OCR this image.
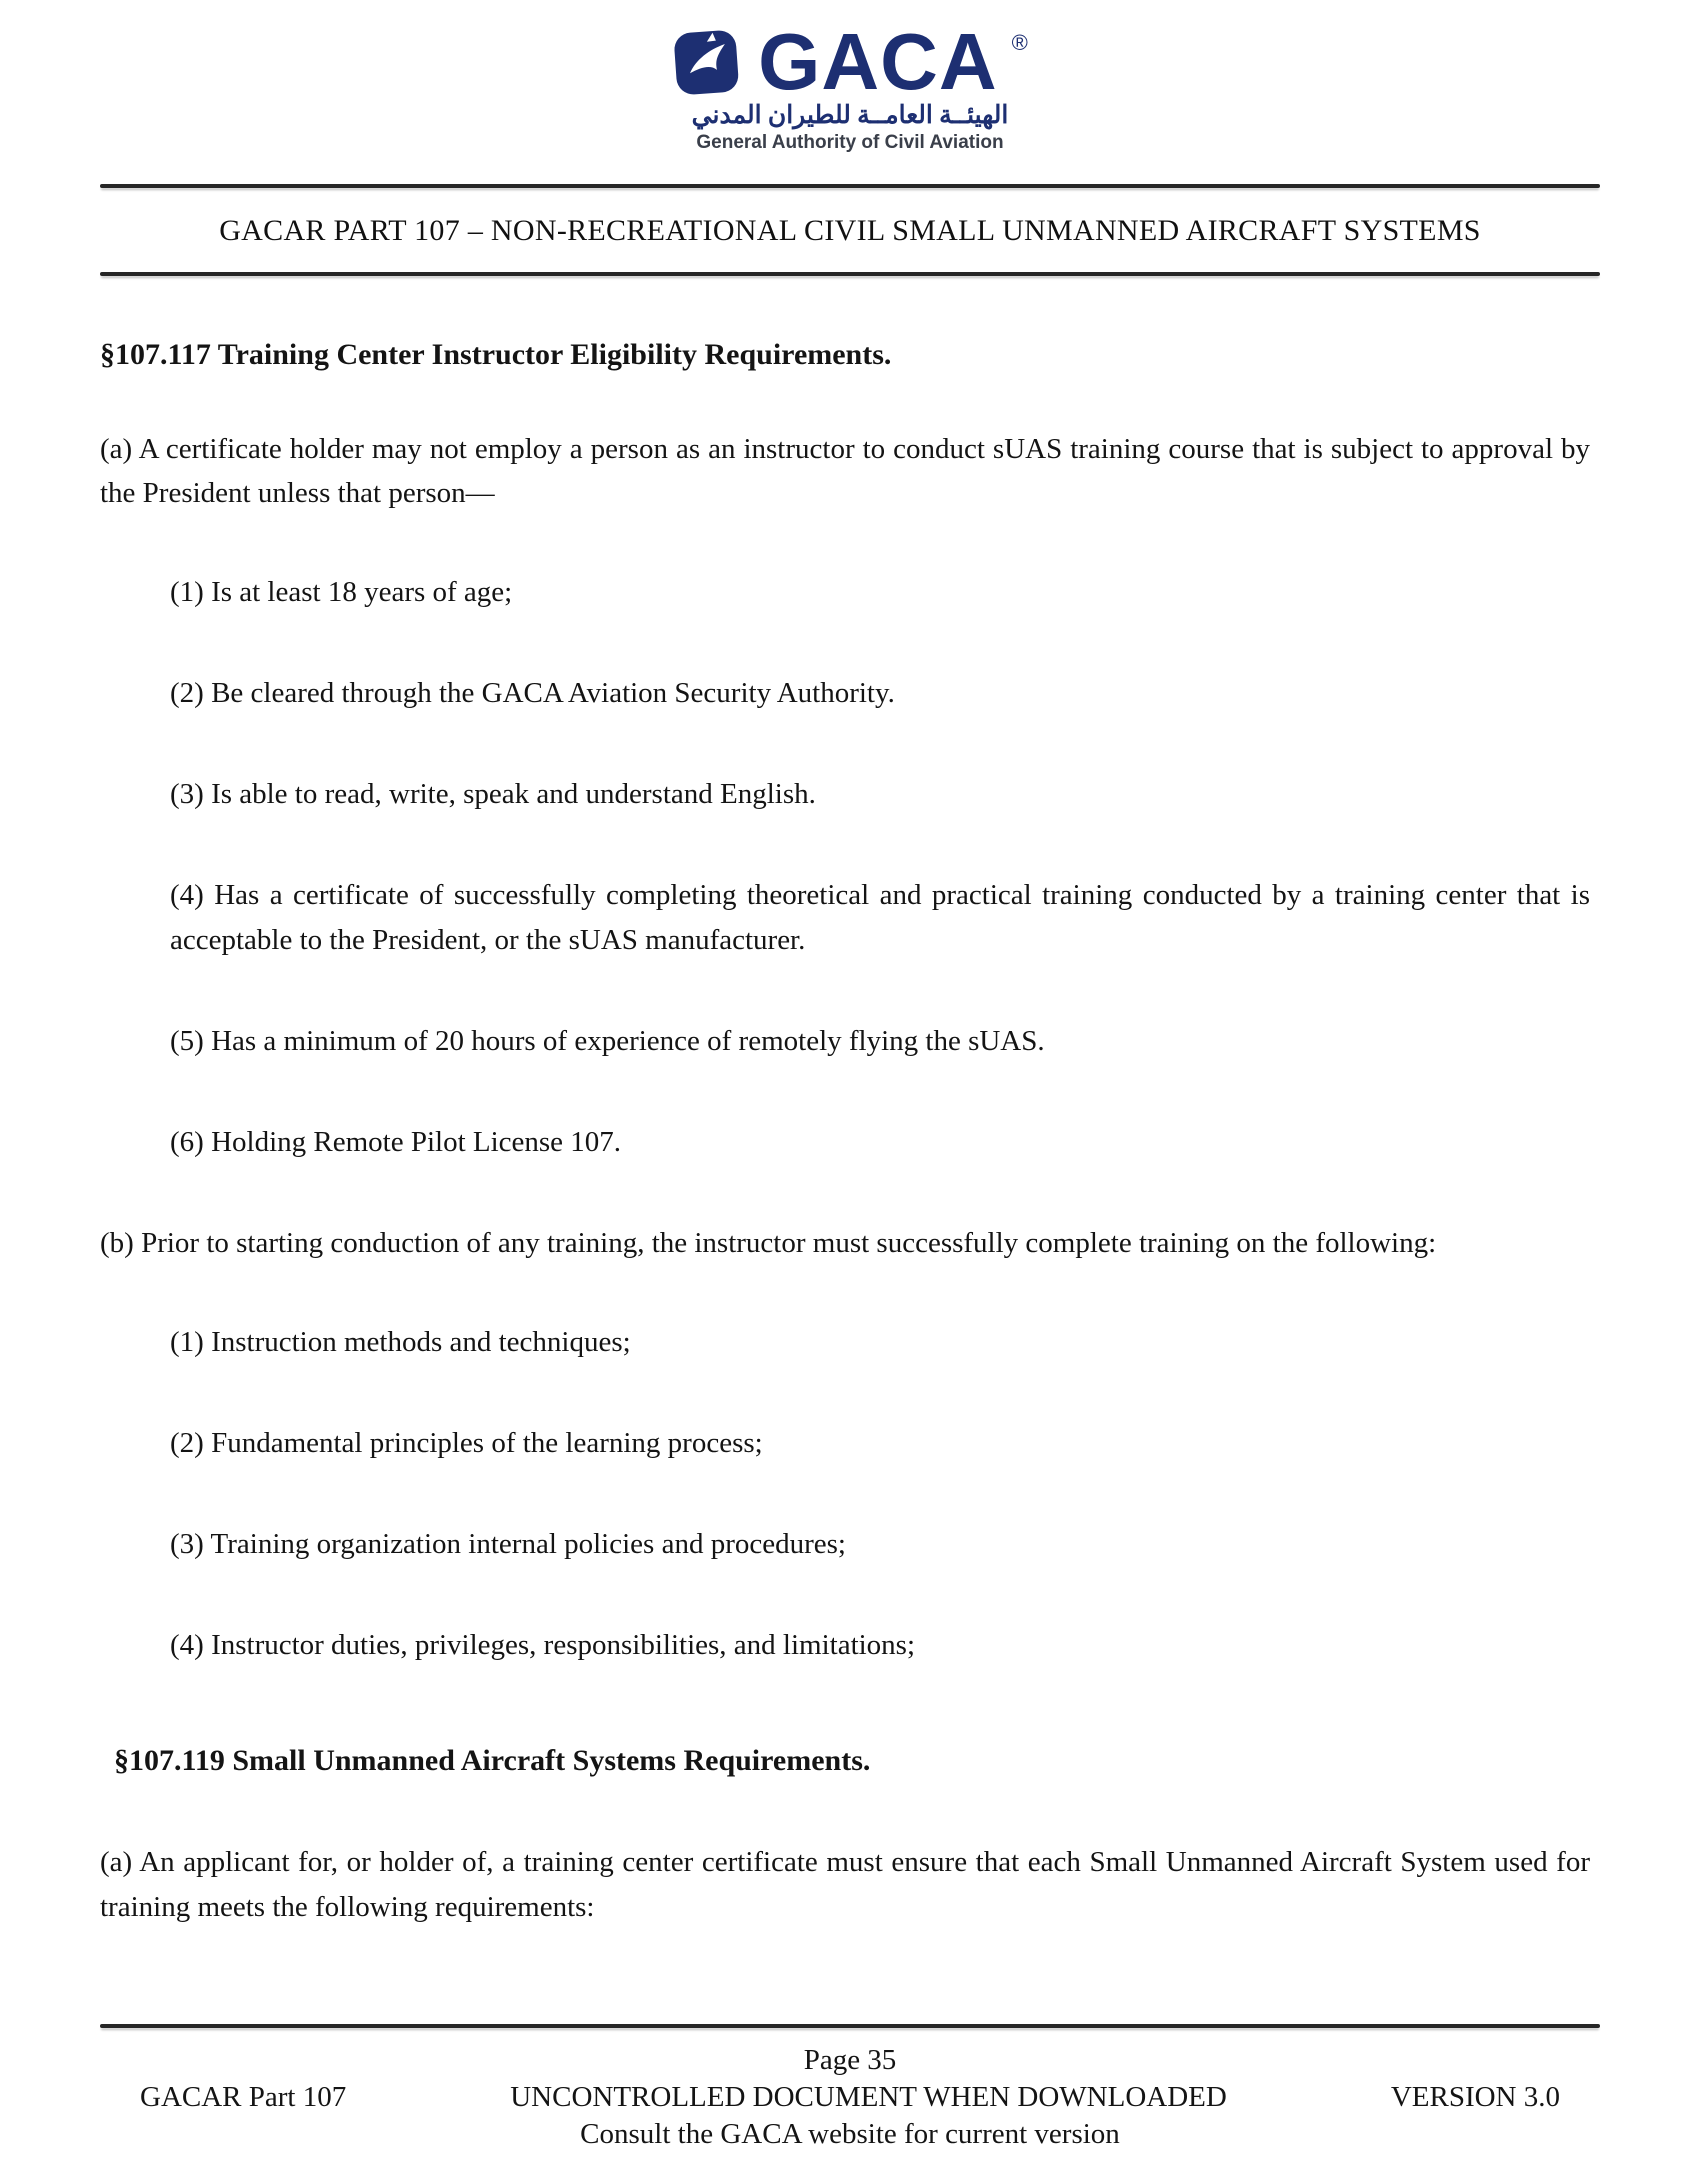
GACA ®
الهيئــة العامــة للطيران المدني
General Authority of Civil Aviation
GACAR PART 107 – NON-RECREATIONAL CIVIL SMALL UNMANNED AIRCRAFT SYSTEMS

§107.117 Training Center Instructor Eligibility Requirements.

(a) A certificate holder may not employ a person as an instructor to conduct sUAS training course that is subject to approval by the President unless that person—

(1) Is at least 18 years of age;

(2) Be cleared through the GACA Aviation Security Authority.

(3) Is able to read, write, speak and understand English.

(4) Has a certificate of successfully completing theoretical and practical training conducted by a training center that is acceptable to the President, or the sUAS manufacturer.

(5) Has a minimum of 20 hours of experience of remotely flying the sUAS.

(6) Holding Remote Pilot License 107.

(b) Prior to starting conduction of any training, the instructor must successfully complete training on the following:

(1) Instruction methods and techniques;

(2) Fundamental principles of the learning process;

(3) Training organization internal policies and procedures;

(4) Instructor duties, privileges, responsibilities, and limitations;

§107.119 Small Unmanned Aircraft Systems Requirements.

(a) An applicant for, or holder of, a training center certificate must ensure that each Small Unmanned Aircraft System used for training meets the following requirements:

Page 35
GACAR Part 107	UNCONTROLLED DOCUMENT WHEN DOWNLOADED	VERSION 3.0
Consult the GACA website for current version
